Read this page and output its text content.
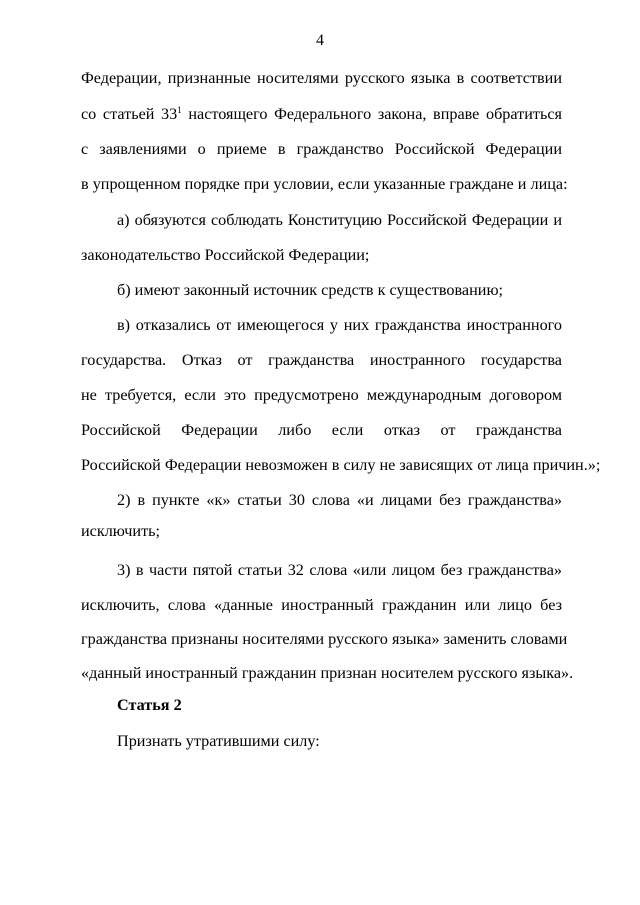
4
Федерации, признанные носителями русского языка в соответствии
со статьей $33^1$ настоящего Федерального закона, вправе обратиться
с заявлениями о приеме в гражданство Российской Федерации
в упрощенном порядке при условии, если указанные граждане и лица:
а) обязуются соблюдать Конституцию Российской Федерации и
законодательство Российской Федерации;
б) имеют законный источник средств к существованию;
в) отказались от имеющегося у них гражданства иностранного
государства. Отказ от гражданства иностранного государства
не требуется, если это предусмотрено международным договором
Российской Федерации либо если отказ от гражданства
Российской Федерации невозможен в силу не зависящих от лица причин.»;
2) в пункте «к» статьи 30 слова «и лицами без гражданства»
исключить;
3) в части пятой статьи 32 слова «или лицом без гражданства»
исключить, слова «данные иностранный гражданин или лицо без
гражданства признаны носителями русского языка» заменить словами
«данный иностранный гражданин признан носителем русского языка».
Статья 2
Признать утратившими силу:
